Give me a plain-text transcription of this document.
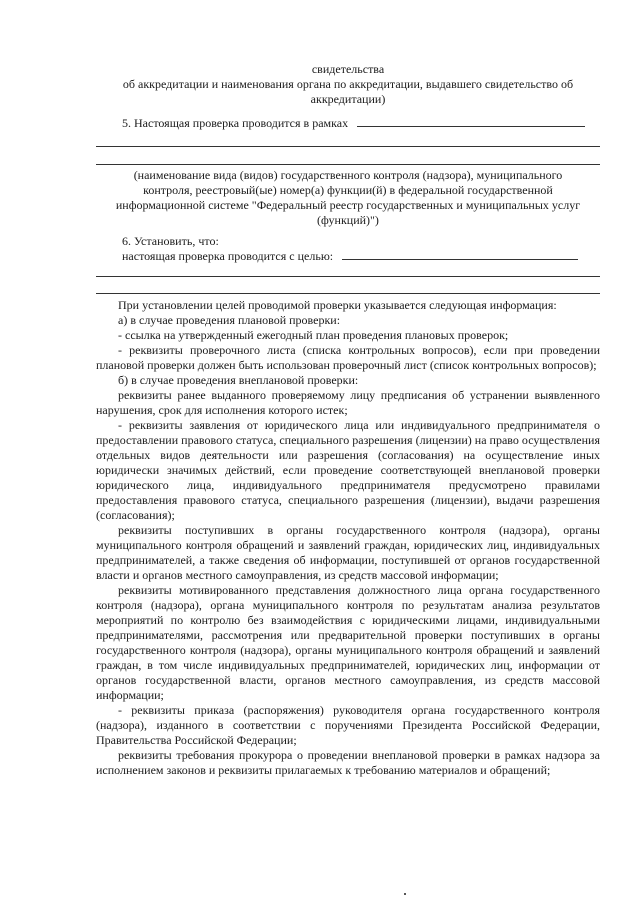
свидетельства
об аккредитации и наименования органа по аккредитации, выдавшего свидетельство об
аккредитации)
5. Настоящая проверка проводится в рамках
(наименование вида (видов) государственного контроля (надзора), муниципального
контроля, реестровый(ые) номер(а) функции(й) в федеральной государственной
информационной системе "Федеральный реестр государственных и муниципальных услуг
(функций)")
6. Установить, что:
настоящая проверка проводится с целью:
При установлении целей проводимой проверки указывается следующая информация:
а) в случае проведения плановой проверки:
- ссылка на утвержденный ежегодный план проведения плановых проверок;
- реквизиты проверочного листа (списка контрольных вопросов), если при проведении плановой проверки должен быть использован проверочный лист (список контрольных вопросов);
б) в случае проведения внеплановой проверки:
реквизиты ранее выданного проверяемому лицу предписания об устранении выявленного нарушения, срок для исполнения которого истек;
- реквизиты заявления от юридического лица или индивидуального предпринимателя о предоставлении правового статуса, специального разрешения (лицензии) на право осуществления отдельных видов деятельности или разрешения (согласования) на осуществление иных юридически значимых действий, если проведение соответствующей внеплановой проверки юридического лица, индивидуального предпринимателя предусмотрено правилами предоставления правового статуса, специального разрешения (лицензии), выдачи разрешения (согласования);
реквизиты поступивших в органы государственного контроля (надзора), органы муниципального контроля обращений и заявлений граждан, юридических лиц, индивидуальных предпринимателей, а также сведения об информации, поступившей от органов государственной власти и органов местного самоуправления, из средств массовой информации;
реквизиты мотивированного представления должностного лица органа государственного контроля (надзора), органа муниципального контроля по результатам анализа результатов мероприятий по контролю без взаимодействия с юридическими лицами, индивидуальными предпринимателями, рассмотрения или предварительной проверки поступивших в органы государственного контроля (надзора), органы муниципального контроля обращений и заявлений граждан, в том числе индивидуальных предпринимателей, юридических лиц, информации от органов государственной власти, органов местного самоуправления, из средств массовой информации;
- реквизиты приказа (распоряжения) руководителя органа государственного контроля (надзора), изданного в соответствии с поручениями Президента Российской Федерации, Правительства Российской Федерации;
реквизиты требования прокурора о проведении внеплановой проверки в рамках надзора за исполнением законов и реквизиты прилагаемых к требованию материалов и обращений;
